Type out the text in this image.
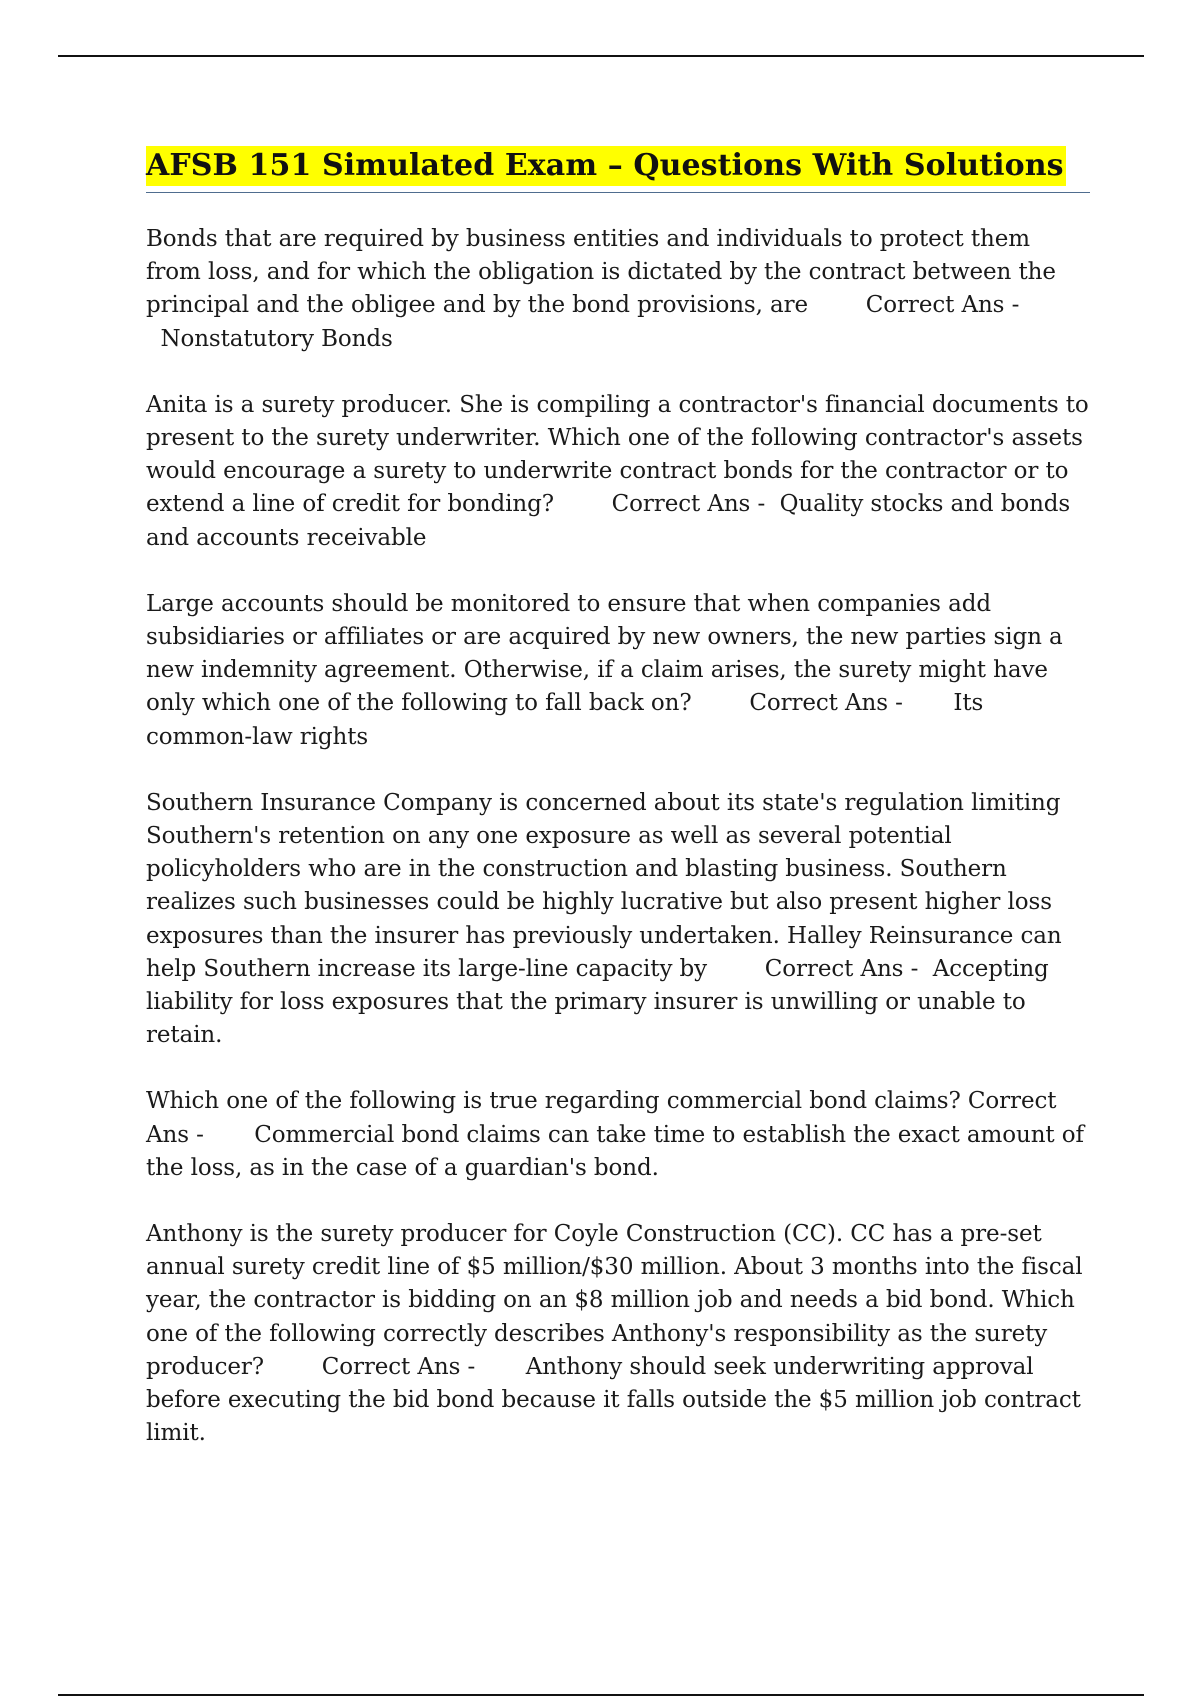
AFSB 151 Simulated Exam – Questions With Solutions

Bonds that are required by business entities and individuals to protect them from loss, and for which the obligation is dictated by the contract between the principal and the obligee and by the bond provisions, are	Correct Ans -  Nonstatutory Bonds

Anita is a surety producer. She is compiling a contractor's financial documents to present to the surety underwriter. Which one of the following contractor's assets would encourage a surety to underwrite contract bonds for the contractor or to extend a line of credit for bonding?	Correct Ans - Quality stocks and bonds and accounts receivable

Large accounts should be monitored to ensure that when companies add subsidiaries or affiliates or are acquired by new owners, the new parties sign a new indemnity agreement. Otherwise, if a claim arises, the surety might have only which one of the following to fall back on?	Correct Ans - Its common-law rights

Southern Insurance Company is concerned about its state's regulation limiting Southern's retention on any one exposure as well as several potential policyholders who are in the construction and blasting business. Southern realizes such businesses could be highly lucrative but also present higher loss exposures than the insurer has previously undertaken. Halley Reinsurance can help Southern increase its large-line capacity by	Correct Ans - Accepting liability for loss exposures that the primary insurer is unwilling or unable to retain.

Which one of the following is true regarding commercial bond claims? Correct Ans - Commercial bond claims can take time to establish the exact amount of the loss, as in the case of a guardian's bond.

Anthony is the surety producer for Coyle Construction (CC). CC has a pre-set annual surety credit line of $5 million/$30 million. About 3 months into the fiscal year, the contractor is bidding on an $8 million job and needs a bid bond. Which one of the following correctly describes Anthony's responsibility as the surety producer?	Correct Ans - Anthony should seek underwriting approval before executing the bid bond because it falls outside the $5 million job contract limit.
